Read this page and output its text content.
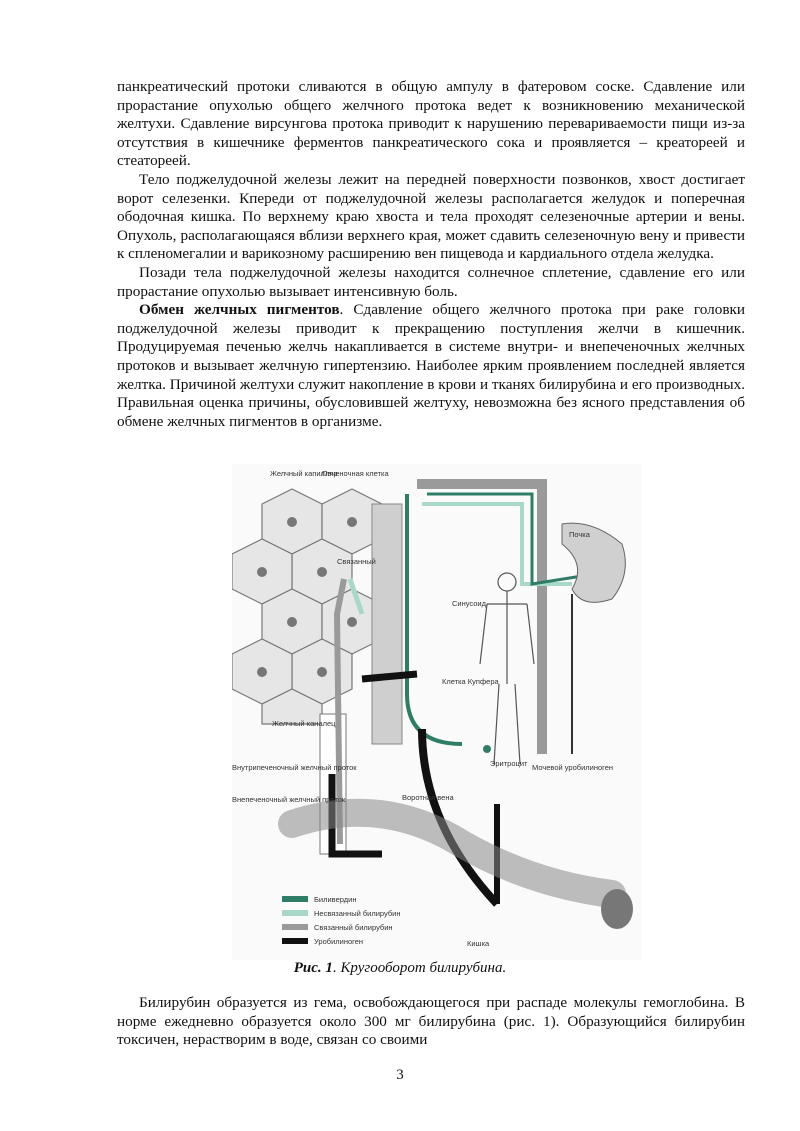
панкреатический протоки сливаются в общую ампулу в фатеровом соске. Сдавление или прорастание опухолью общего желчного протока ведет к возникновению механической желтухи. Сдавление вирсунгова протока приводит к нарушению перевариваемости пищи из-за отсутствия в кишечнике ферментов панкреатического сока и проявляется – креатореей и стеатореей.

Тело поджелудочной железы лежит на передней поверхности позвонков, хвост достигает ворот селезенки. Кпереди от поджелудочной железы располагается желудок и поперечная ободочная кишка. По верхнему краю хвоста и тела проходят селезеночные артерии и вены. Опухоль, располагающаяся вблизи верхнего края, может сдавить селезеночную вену и привести к спленомегалии и варикозному расширению вен пищевода и кардиального отдела желудка.

Позади тела поджелудочной железы находится солнечное сплетение, сдавление его или прорастание опухолью вызывает интенсивную боль.

Обмен желчных пигментов. Сдавление общего желчного протока при раке головки поджелудочной железы приводит к прекращению поступления желчи в кишечник. Продуцируемая печенью желчь накапливается в системе внутри- и внепеченочных желчных протоков и вызывает желчную гипертензию. Наиболее ярким проявлением последней является желтка. Причиной желтухи служит накопление в крови и тканях билирубина и его производных. Правильная оценка причины, обусловившей желтуху, невозможна без ясного представления об обмене желчных пигментов в организме.

Желчный капилляр
Печеночная клетка
Связанный
Синусоид
Клетка Купфера
Желчный каналец
Внутрипеченочный желчный проток
Внепеченочный желчный проток	Воротная вена
Эритроцит
Почка
Мочевой уробилиноген
Кишка
Биливердин
Несвязанный билирубин
Связанный билирубин
Уробилиноген
Рис. 1. Кругооборот билирубина.

Билирубин образуется из гема, освобождающегося при распаде молекулы гемоглобина. В норме ежедневно образуется около 300 мг билирубина (рис. 1). Образующийся билирубин токсичен, нерастворим в воде, связан со своими

3
